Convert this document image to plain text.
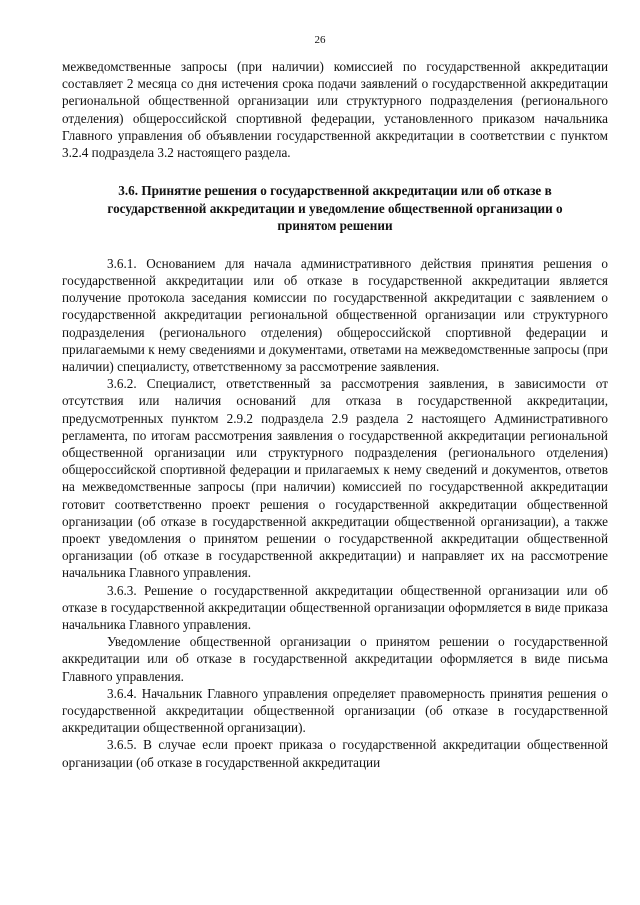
26

межведомственные запросы (при наличии) комиссией по государственной аккредитации составляет 2 месяца со дня истечения срока подачи заявлений о государственной аккредитации региональной общественной организации или структурного подразделения (регионального отделения) общероссийской спортивной федерации, установленного приказом начальника Главного управления об объявлении государственной аккредитации в соответствии с пунктом 3.2.4 подраздела 3.2 настоящего раздела.

3.6. Принятие решения о государственной аккредитации или об отказе в государственной аккредитации и уведомление общественной организации о принятом решении

3.6.1. Основанием для начала административного действия принятия решения о государственной аккредитации или об отказе в государственной аккредитации является получение протокола заседания комиссии по государственной аккредитации с заявлением о государственной аккредитации региональной общественной организации или структурного подразделения (регионального отделения) общероссийской спортивной федерации и прилагаемыми к нему сведениями и документами, ответами на межведомственные запросы (при наличии) специалисту, ответственному за рассмотрение заявления.

3.6.2. Специалист, ответственный за рассмотрения заявления, в зависимости от отсутствия или наличия оснований для отказа в государственной аккредитации, предусмотренных пунктом 2.9.2 подраздела 2.9 раздела 2 настоящего Административного регламента, по итогам рассмотрения заявления о государственной аккредитации региональной общественной организации или структурного подразделения (регионального отделения) общероссийской спортивной федерации и прилагаемых к нему сведений и документов, ответов на межведомственные запросы (при наличии) комиссией по государственной аккредитации готовит соответственно проект решения о государственной аккредитации общественной организации (об отказе в государственной аккредитации общественной организации), а также проект уведомления о принятом решении о государственной аккредитации общественной организации (об отказе в государственной аккредитации) и направляет их на рассмотрение начальника Главного управления.

3.6.3. Решение о государственной аккредитации общественной организации или об отказе в государственной аккредитации общественной организации оформляется в виде приказа начальника Главного управления.

Уведомление общественной организации о принятом решении о государственной аккредитации или об отказе в государственной аккредитации оформляется в виде письма Главного управления.

3.6.4. Начальник Главного управления определяет правомерность принятия решения о государственной аккредитации общественной организации (об отказе в государственной аккредитации общественной организации).

3.6.5. В случае если проект приказа о государственной аккредитации общественной организации (об отказе в государственной аккредитации
